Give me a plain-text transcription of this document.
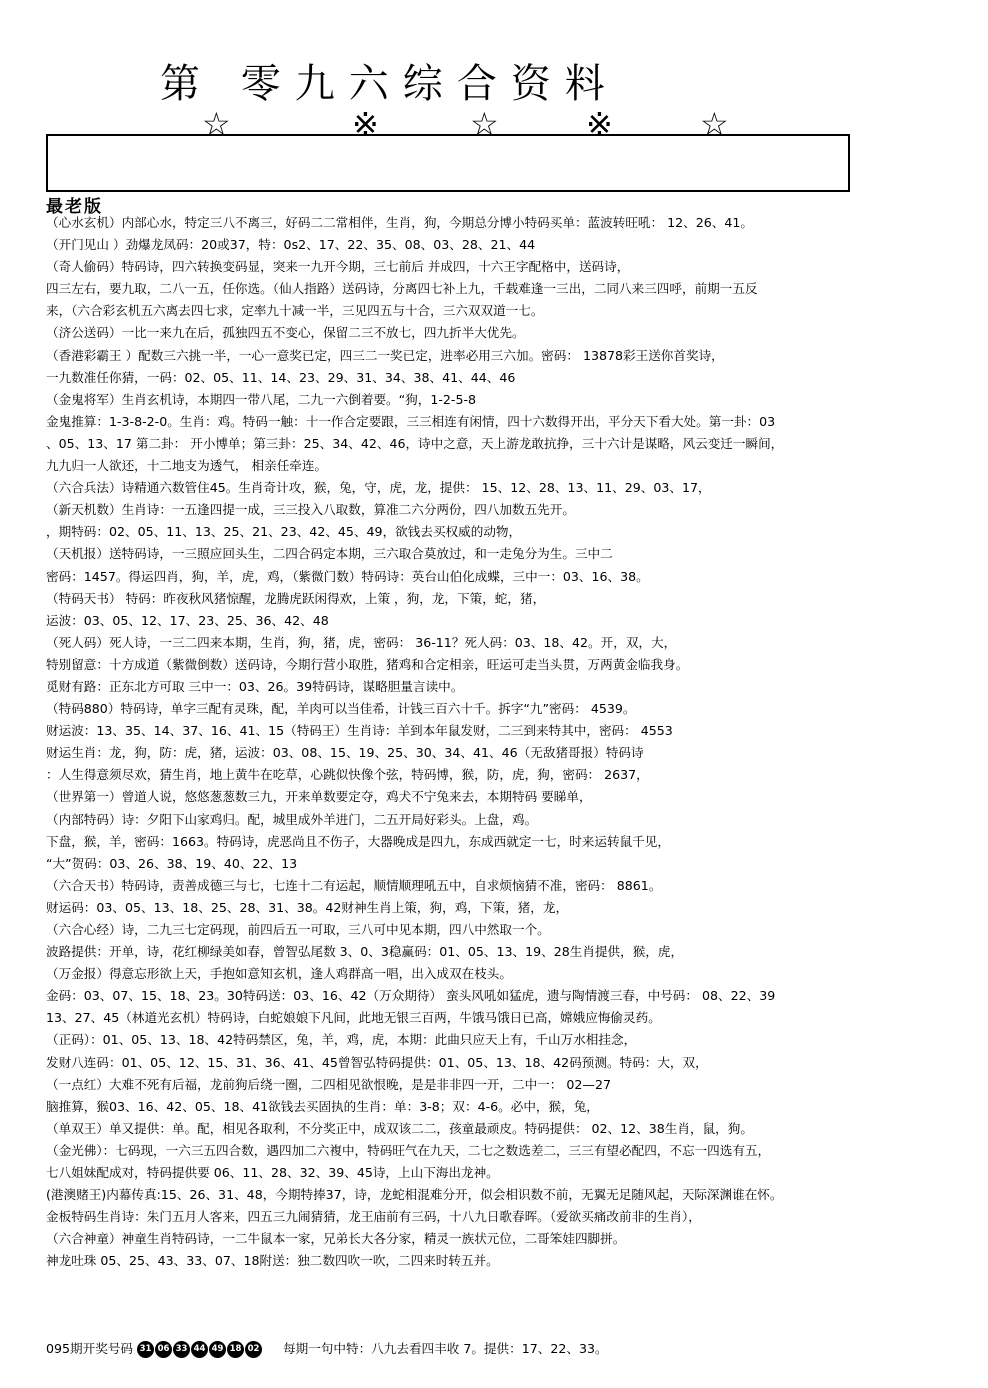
第 零九六综合资料
☆	※	☆	※	☆
最老版
（心水玄机）内部心水，特定三八不离三，好码二二常相伴，生肖，狗，今期总分博小特码买单：蓝波转旺吼： 12、26、41。
（开门见山 ）劲爆龙凤码：20或37，特：0s2、17、22、35、08、03、28、21、44
（奇人偷码）特码诗，四六转换变码显，突来一九开今期，三七前后 并成四，十六王字配格中，送码诗，
四三左右，要九取，二八一五，任你选。（仙人指路）送码诗，分离四七补上九，千载难逢一三出，二同八来三四呼，前期一五反
来，（六合彩玄机五六离去四七求，定率九十减一半，三见四五与十合，三六双双道一七。
（济公送码）一比一来九在后，孤独四五不变心，保留二三不放七，四九折半大优先。
（香港彩霸王 ）配数三六挑一半，一心一意奖已定，四三二一奖已定，进率必用三六加。密码： 13878彩王送你首奖诗，
一九数准任你猜，一码：02、05、11、14、23、29、31、34、38、41、44、46
（金鬼将军）生肖玄机诗，本期四一带八尾，二九一六倒着要。“狗，1-2-5-8
金鬼推算：1-3-8-2-0。生肖：鸡。特码一触：十一作合定要跟，三三相连有闲情，四十六数得开出，平分天下看大处。第一卦：03
、05、13、17 第二卦： 开小博单；第三卦：25、34、42、46，诗中之意，天上游龙敢抗挣，三十六计是谋略，风云变迁一瞬间，
九九归一人欲还，十二地支为透气， 相亲任牵连。
（六合兵法）诗精通六数管住45。生肖奇计攻，猴，兔，守，虎，龙，提供： 15、12、28、13、11、29、03、17，
（新天机数）生肖诗：一五逢四提一成，三三投入八取数，算准二六分两份，四八加数五先开。
，期特码：02、05、11、13、25、21、23、42、45、49，欲钱去买权威的动物，
（天机报）送特码诗，一三照应回头生，二四合码定本期，三六取合莫放过，和一走兔分为生。三中二
密码：1457。得运四肖，狗，羊，虎，鸡，（紫微门数）特码诗：英台山伯化成蝶，三中一：03、16、38。
（特码天书） 特码：昨夜秋风猪惊醒，龙腾虎跃闲得欢，上策 ，狗，龙，下策，蛇，猪，
运波：03、05、12、17、23、25、36、42、48
（死人码）死人诗，一三二四来本期，生肖，狗，猪，虎，密码： 36-11？死人码：03、18、42。开，双，大，
特别留意：十方成道（紫微倒数）送码诗，今期行营小取胜，猪鸡和合定相亲，旺运可走当头贯，万两黄金临我身。
觅财有路：正东北方可取 三中一：03、26。39特码诗，谋略胆量言读中。
（特码880）特码诗，单字三配有灵珠，配，羊肉可以当佳希，计钱三百六十千。拆字“九”密码： 4539。
财运波：13、35、14、37、16、41、15（特码王）生肖诗：羊到本年鼠发财，二三到来特其中，密码： 4553
财运生肖：龙，狗，防：虎，猪，运波：03、08、15、19、25、30、34、41、46（无敌猪哥报）特码诗
：人生得意须尽欢，猜生肖，地上黄牛在吃草，心跳似快像个弦，特码博，猴，防，虎，狗，密码： 2637，
（世界第一）曾道人说，悠悠葱葱数三九，开来单数要定夺，鸡犬不宁兔来去，本期特码 要睇单，
（内部特码）诗：夕阳下山家鸡归。配，城里成外羊进门，二五开局好彩头。上盘，鸡。
下盘，猴，羊，密码：1663。特码诗，虎恶尚且不伤子，大器晚成是四九，东成西就定一七，时来运转鼠千见，
“大”贺码：03、26、38、19、40、22、13
（六合天书）特码诗，责善成德三与七，七连十二有运起，顺情顺理吼五中，自求烦恼猜不准，密码： 8861。
财运码：03、05、13、18、25、28、31、38。42财神生肖上策，狗，鸡，下策，猪，龙，
（六合心经）诗，二九三七定码现，前四后五一可取，三八可中见本期，四八中然取一个。
波路提供：开单，诗，花红柳绿美如春，曾智弘尾数 3、0、3稳赢码：01、05、13、19、28生肖提供，猴，虎，
（万金报）得意忘形欲上天，手抱如意知玄机，逢人鸡群高一唱，出入成双在枝头。
金码：03、07、15、18、23。30特码送：03、16、42（万众期待） 蛮头风吼如猛虎，遗与陶情渡三春，中号码： 08、22、39
13、27、45（林道光玄机）特码诗，白蛇娘娘下凡间，此地无银三百两，牛饿马饿日已高，嫦娥应悔偷灵药。
（正码）：01、05、13、18、42特码禁区，兔，羊，鸡，虎，本期：此曲只应天上有，千山万水相挂念，
发财八连码：01、05、12、15、31、36、41、45曾智弘特码提供：01、05、13、18、42码预测。特码：大，双，
（一点红）大难不死有后福，龙前狗后绕一圈，二四相见欲恨晚，是是非非四一开，二中一： 02—27
脑推算，猴03、16、42、05、18、41欲钱去买固执的生肖：单：3-8；双：4-6。必中，猴，兔，
（单双王）单又提供：单。配，相见各取利，不分奖正中，成双该二二，孩童最顽皮。特码提供： 02、12、38生肖，鼠，狗。
（金光佛）：七码现，一六三五四合数，遇四加二六複中，特码旺气在九天，二七之数选差二，三三有望必配四，不忘一四选有五，
七八姐妹配成对，特码提供要 06、11、28、32、39、45诗，上山下海出龙神。
(港澳赌王)内幕传真:15、26、31、48，今期特捧37，诗，龙蛇相混难分开，似会相识数不前，无翼无足随风起，天际深渊谁在怀。
金板特码生肖诗：朱门五月人客来，四五三九闹猜猜，龙王庙前有三码，十八九日歌春晖。（爱欲买痛改前非的生肖），
（六合神童）神童生肖特码诗，一二牛鼠本一家，兄弟长大各分家，精灵一族状元位，二哥笨娃四脚拼。
神龙吐珠 05、25、43、33、07、18附送：独二数四吹一吹，二四来时转五并。
095期开奖号码 31 06 33 44 49 18 02 每期一句中特：八九去看四丰收 7。提供：17、22、33。
